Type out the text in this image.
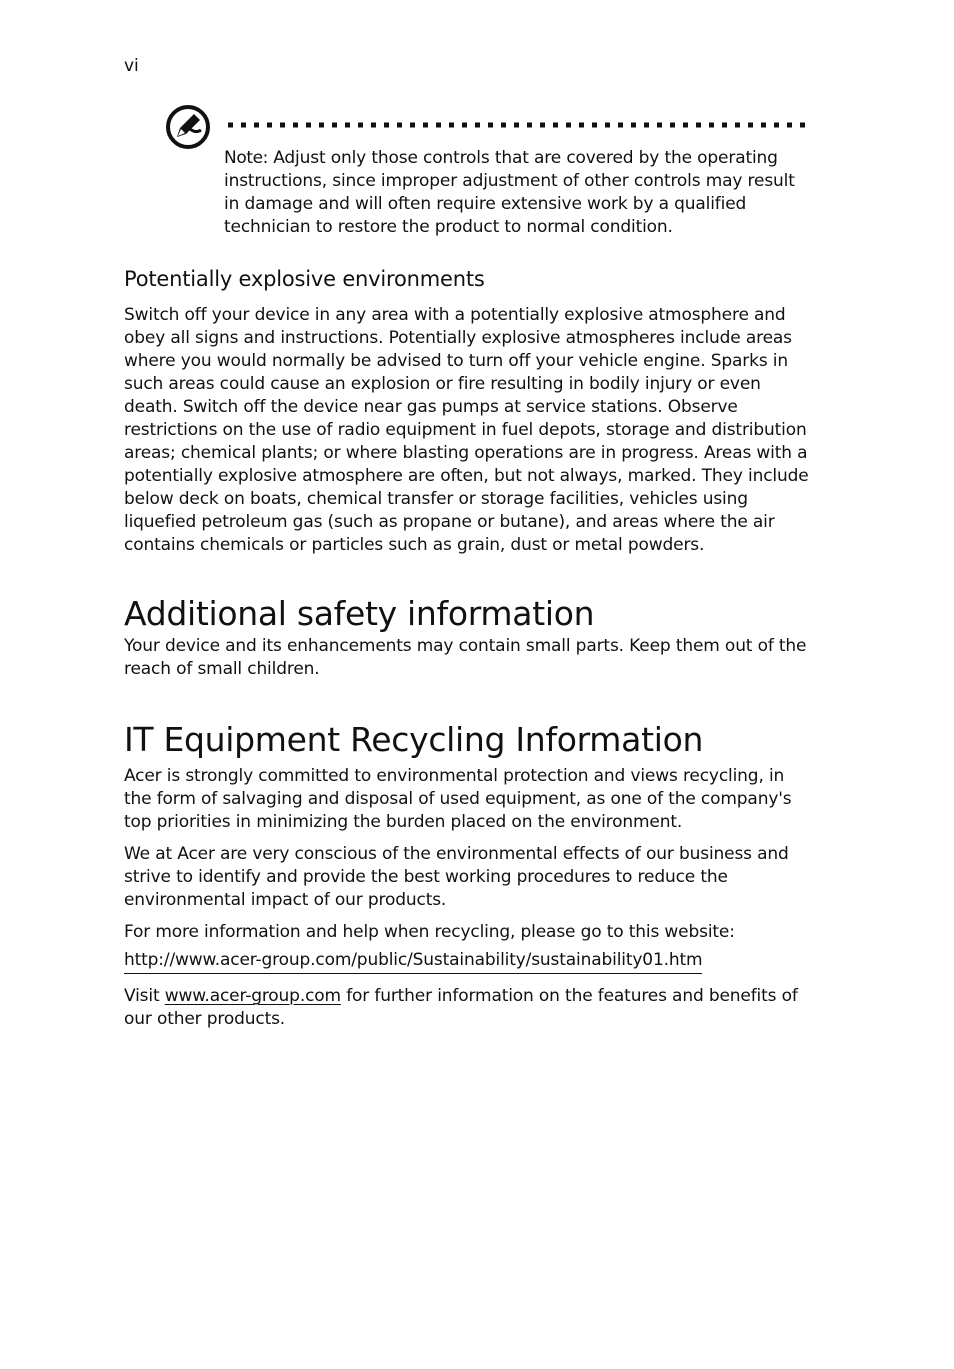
vi

Note: Adjust only those controls that are covered by the operating instructions, since improper adjustment of other controls may result in damage and will often require extensive work by a qualified technician to restore the product to normal condition.

Potentially explosive environments

Switch off your device in any area with a potentially explosive atmosphere and obey all signs and instructions. Potentially explosive atmospheres include areas where you would normally be advised to turn off your vehicle engine. Sparks in such areas could cause an explosion or fire resulting in bodily injury or even death. Switch off the device near gas pumps at service stations. Observe restrictions on the use of radio equipment in fuel depots, storage and distribution areas; chemical plants; or where blasting operations are in progress. Areas with a potentially explosive atmosphere are often, but not always, marked. They include below deck on boats, chemical transfer or storage facilities, vehicles using liquefied petroleum gas (such as propane or butane), and areas where the air contains chemicals or particles such as grain, dust or metal powders.

Additional safety information

Your device and its enhancements may contain small parts. Keep them out of the reach of small children.

IT Equipment Recycling Information

Acer is strongly committed to environmental protection and views recycling, in the form of salvaging and disposal of used equipment, as one of the company's top priorities in minimizing the burden placed on the environment.

We at Acer are very conscious of the environmental effects of our business and strive to identify and provide the best working procedures to reduce the environmental impact of our products.

For more information and help when recycling, please go to this website:

http://www.acer-group.com/public/Sustainability/sustainability01.htm

Visit www.acer-group.com for further information on the features and benefits of our other products.
